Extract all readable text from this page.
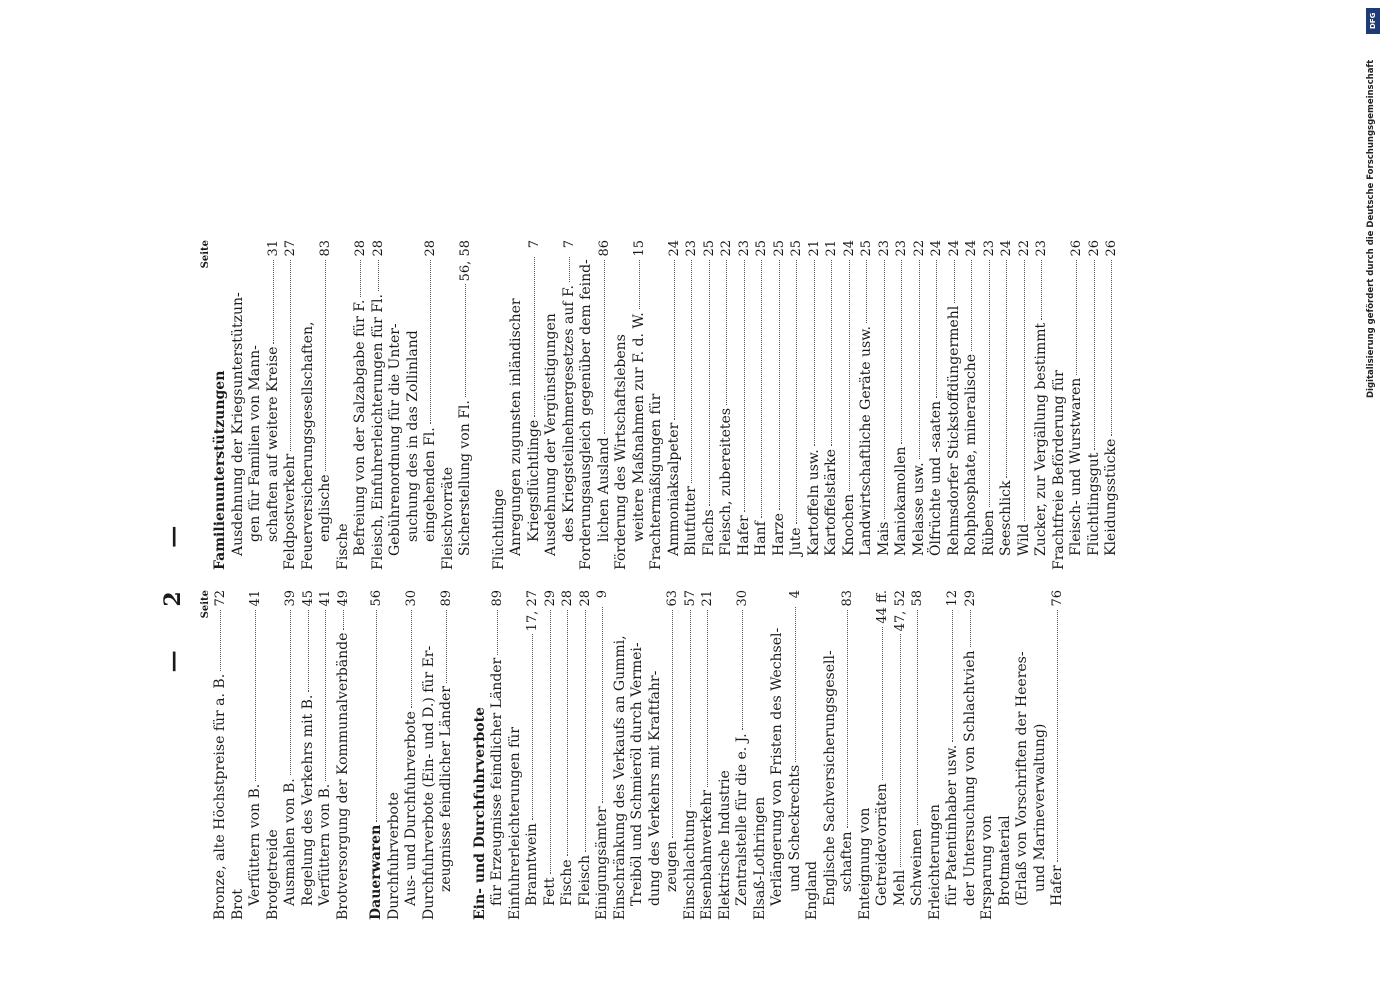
— 2 —	Seite
Bronze, alte Höchstpreise für a. B.
72
Brot Verfüttern von B.
41
Brotgetreide Ausmahlen von B.
39
Regelung des Verkehrs mit B.
45
Verfüttern von B.
41
Brotversorgung der Kommunalverbände
49
Dauerwaren
56
Durchfuhrverbote Aus- und Durchfuhrverbote
30
Durchfuhrverbote (Ein- und D.) für Er- zeugnisse feindlicher Länder
89
Ein- und Durchfuhrverbote für Erzeugnisse feindlicher Länder
89
Einfuhrerleichterungen für Branntwein
17, 27
Fett
29
Fische
28
Fleisch
28
Einigungsämter
9
Einschränkung des Verkaufs an Gummi, Treiböl und Schmieröl durch Vermei- dung des Verkehrs mit Kraftfahr- zeugen
63
Einschlachtung
57
Eisenbahnverkehr
21
Elektrische Industrie Zentralstelle für die e. J.
30
Elsaß-Lothringen Verlängerung von Fristen des Wechsel- und Scheckrechts
4
England Englische Sachversicherungsgesell- schaften
83
Enteignung von Getreidevorräten
44 ff.
Mehl
47, 52
Schweinen
58
Erleichterungen für Patentinhaber usw.
12
der Untersuchung von Schlachtvieh
29
Ersparung von Brotmaterial (Erlaß von Vorschriften der Heeres- und Marineverwaltung) Hafer
76
Seite
Familienunterstützungen Ausdehnung der Kriegsunterstützun- gen für Familien von Mann- schaften auf weitere Kreise
31
Feldpostverkehr
27
Feuerversicherungsgesellschaften, englische
83
Fische Befreiung von der Salzabgabe für F.
28
Fleisch, Einfuhrerleichterungen für Fl.
28
Gebührenordnung für die Unter- suchung des in das Zollinland eingehenden Fl.
28
Fleischvorräte Sicherstellung von Fl.
56, 58
Flüchtlinge Anregungen zugunsten inländischer Kriegsflüchtlinge
7
Ausdehnung der Vergünstigungen des Kriegsteilnehmergesetzes auf F.
7
Forderungsausgleich gegenüber dem feind- lichen Ausland
86
Förderung des Wirtschaftslebens weitere Maßnahmen zur F. d. W.
15
Frachtermäßigungen für Ammoniaksalpeter
24
Blutfutter
23
Flachs
25
Fleisch, zubereitetes
22
Hafer
23
Hanf
25
Harze
25
Jute
25
Kartoffeln usw.
21
Kartoffelstärke
21
Knochen
24
Landwirtschaftliche Geräte usw.
25
Mais
23
Maniokamollen
23
Melasse usw.
22
Ölfrüchte und -saaten
24
Rehmsdorfer Stickstoffdüngermehl
24
Rohphosphate, mineralische
24
Rüben
23
Seeschlick
24
Wild
22
Zucker, zur Vergällung bestimmt
23
Frachtfreie Beförderung für Fleisch- und Wurstwaren
26
Flüchtlingsgut
26
Kleidungsstücke
26
DFG
Digitalisierung gefördert durch die Deutsche Forschungsgemeinschaft
